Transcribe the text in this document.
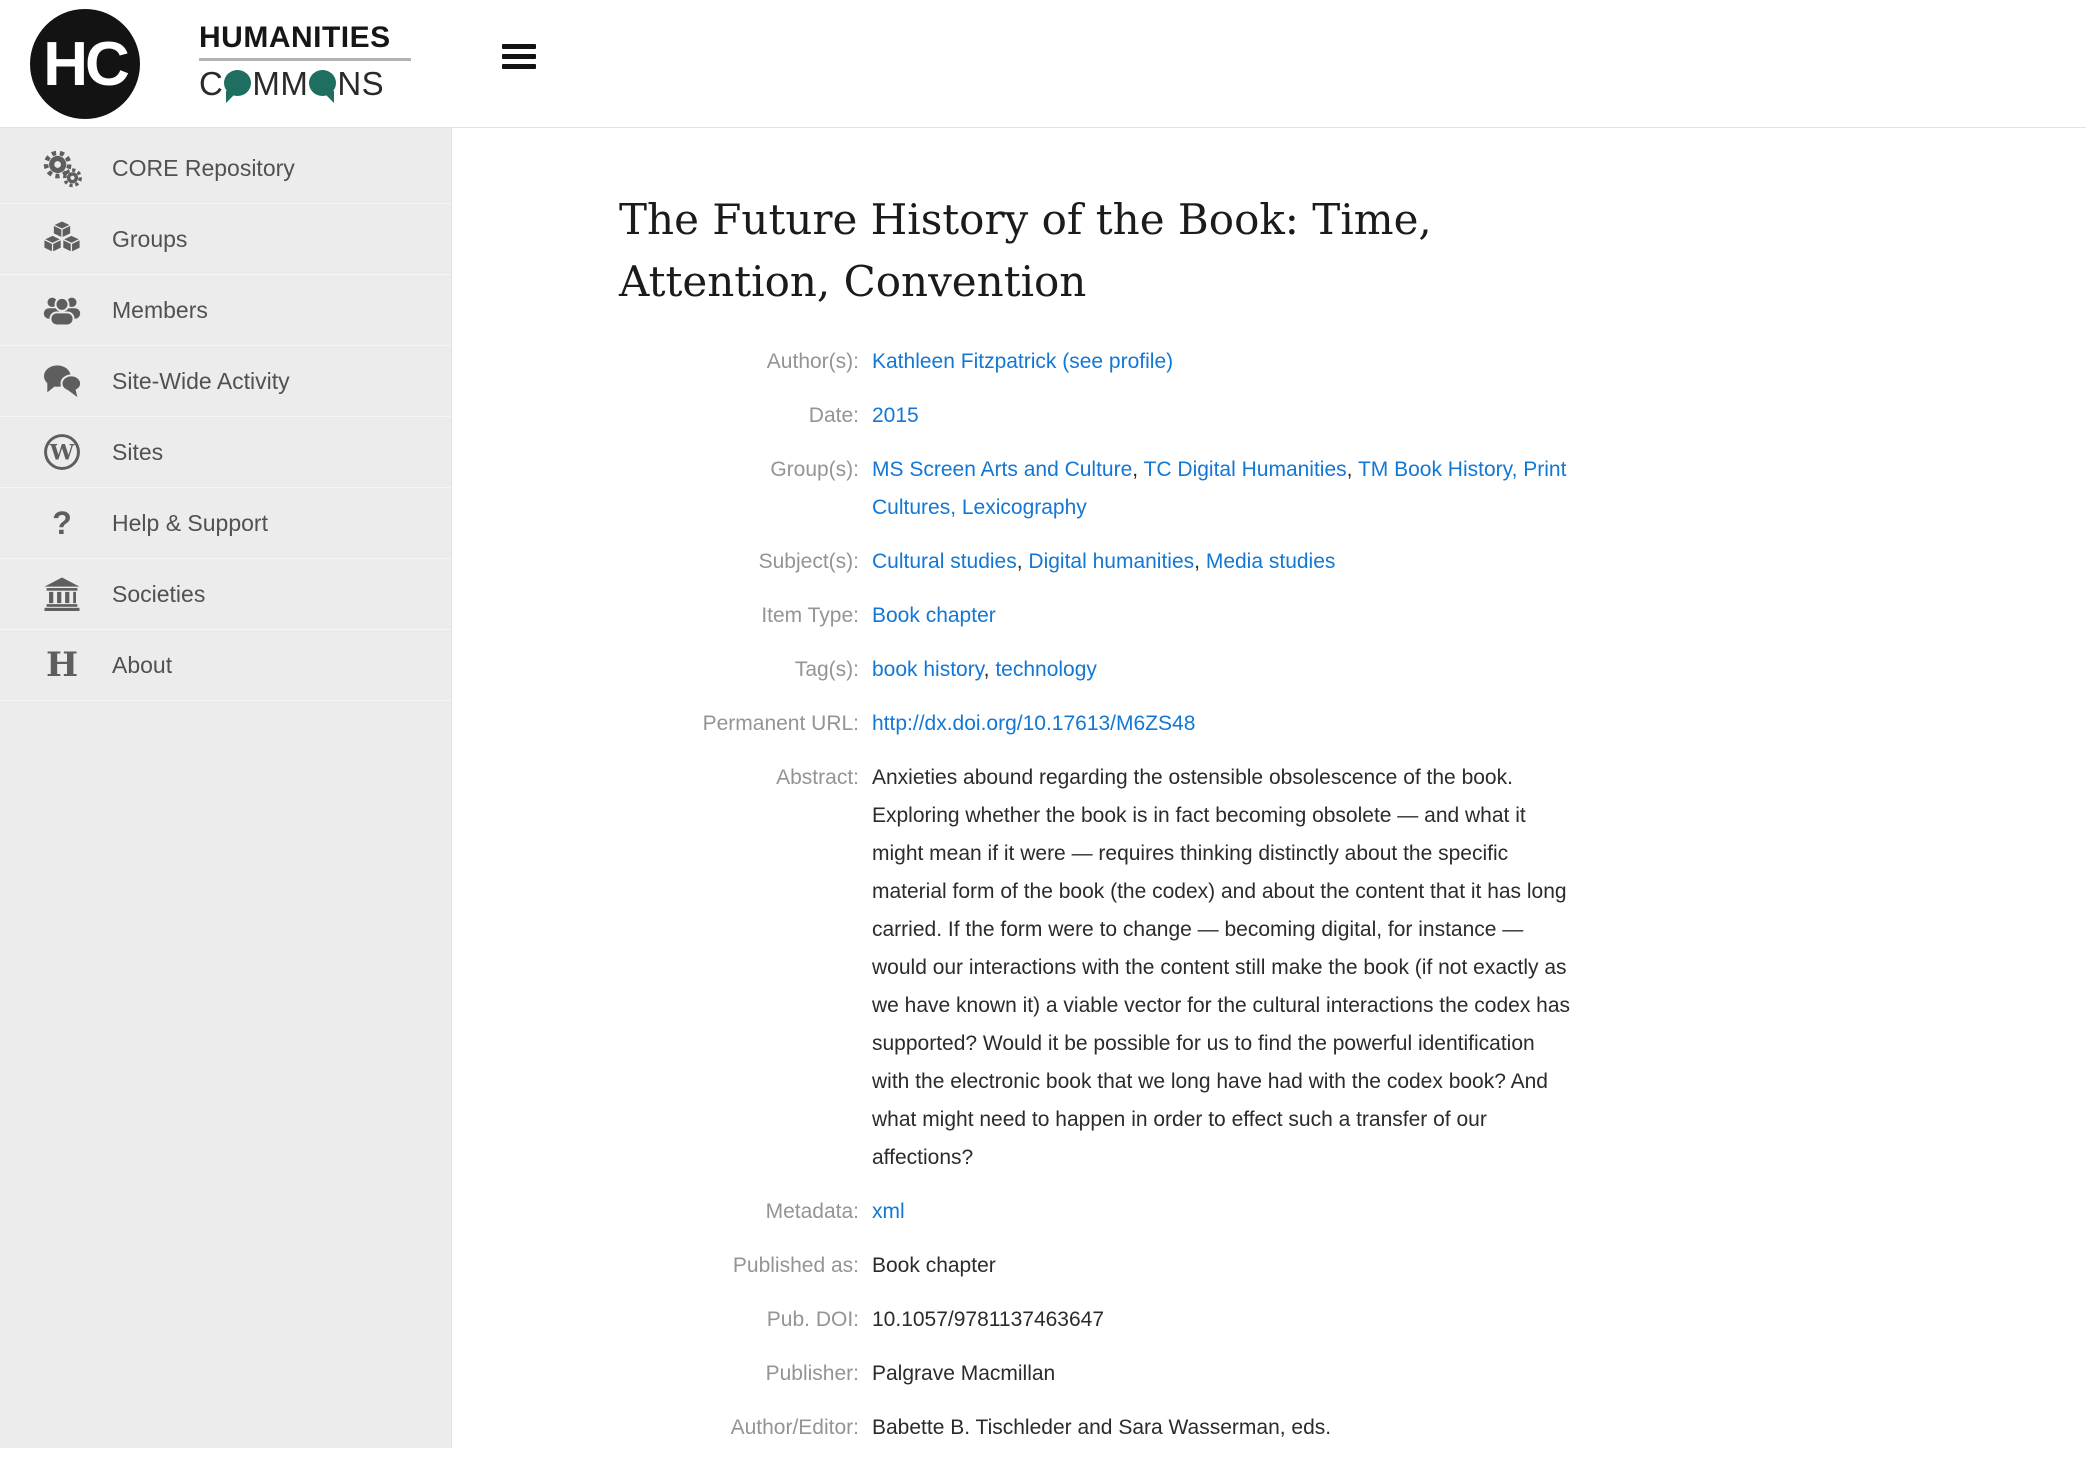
HC HUMANITIES
C MM NS
CORE Repository
Groups
Members
Site-Wide Activity
W Sites
? Help & Support
Societies
H About
The Future History of the Book: Time, Attention, Convention
Author(s): Kathleen Fitzpatrick (see profile)
Date: 2015
Group(s): MS Screen Arts and Culture, TC Digital Humanities, TM Book History, Print Cultures, Lexicography
Subject(s): Cultural studies, Digital humanities, Media studies
Item Type: Book chapter
Tag(s): book history, technology
Permanent URL: http://dx.doi.org/10.17613/M6ZS48
Abstract: Anxieties abound regarding the ostensible obsolescence of the book. Exploring whether the book is in fact becoming obsolete — and what it might mean if it were — requires thinking distinctly about the specific material form of the book (the codex) and about the content that it has long carried. If the form were to change — becoming digital, for instance — would our interactions with the content still make the book (if not exactly as we have known it) a viable vector for the cultural interactions the codex has supported? Would it be possible for us to find the powerful identification with the electronic book that we long have had with the codex book? And what might need to happen in order to effect such a transfer of our affections?
Metadata: xml
Published as: Book chapter
Pub. DOI: 10.1057/9781137463647
Publisher: Palgrave Macmillan
Author/Editor: Babette B. Tischleder and Sara Wasserman, eds.
